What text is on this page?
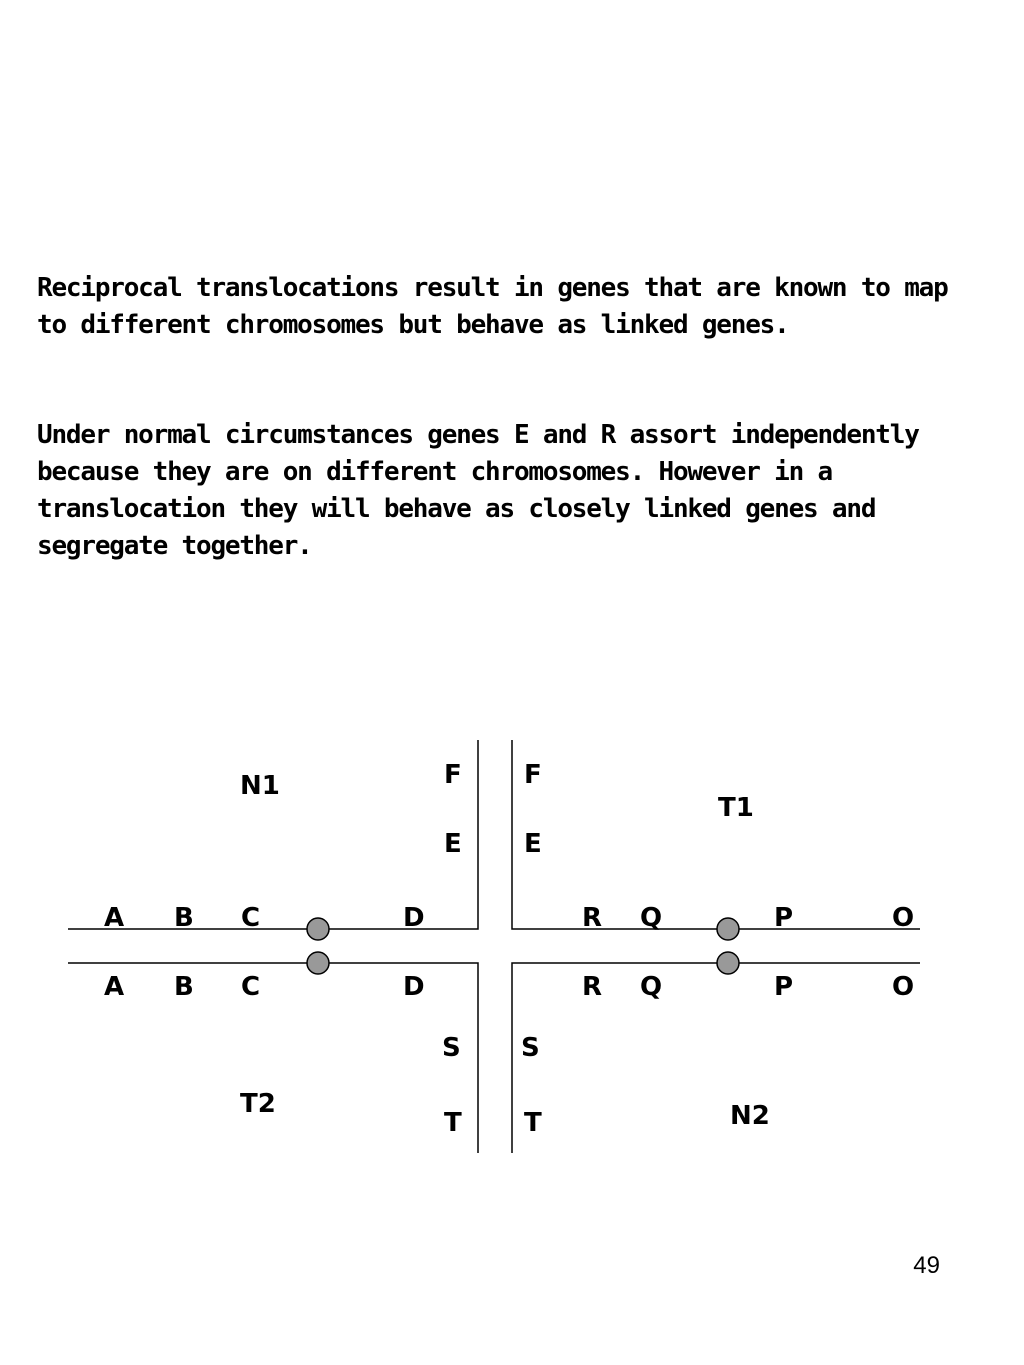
Reciprocal translocations result in genes that are known to map
to different chromosomes but behave as linked genes.

Under normal circumstances genes E and R assort independently
because they are on different chromosomes. However in a
translocation they will behave as closely linked genes and
segregate together.

N1
T1
T2	N2
A B C	D
A B C	D
R Q	P	O
R Q	P	O
F
E
F
E
S
T
S
T
49
